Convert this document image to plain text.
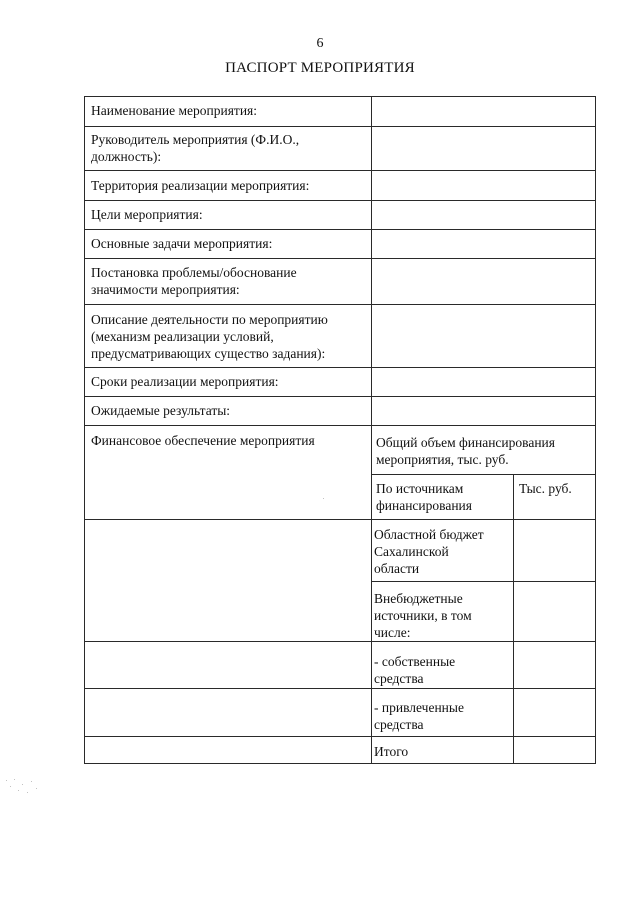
6
ПАСПОРТ МЕРОПРИЯТИЯ
Наименование мероприятия:
Руководитель мероприятия (Ф.И.О.,
должность):
Территория реализации мероприятия:
Цели мероприятия:
Основные задачи мероприятия:
Постановка проблемы/обоснование
значимости мероприятия:
Описание деятельности по мероприятию
(механизм реализации условий,
предусматривающих существо задания):
Сроки реализации мероприятия:
Ожидаемые результаты:
Финансовое обеспечение мероприятия	Общий объем финансирования
мероприятия, тыс. руб.
По источникам
финансирования
Тыс. руб.
Областной бюджет
Сахалинской
области
Внебюджетные
источники, в том
числе:
- собственные
средства
- привлеченные
средства
Итого
